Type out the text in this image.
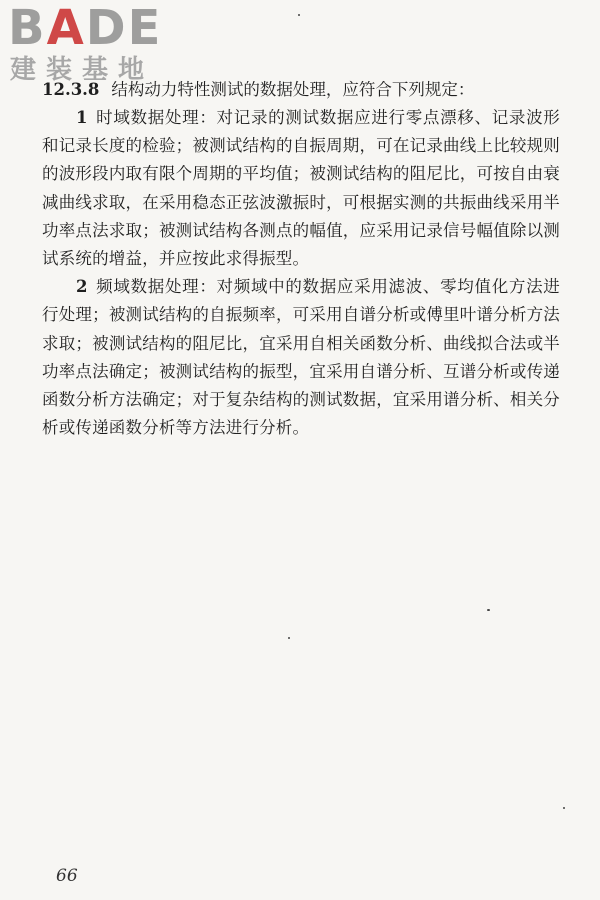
BADE
建装基地

12.3.8 结构动力特性测试的数据处理，应符合下列规定：

1 时域数据处理：对记录的测试数据应进行零点漂移、记录波形和记录长度的检验；被测试结构的自振周期，可在记录曲线上比较规则的波形段内取有限个周期的平均值；被测试结构的阻尼比，可按自由衰减曲线求取，在采用稳态正弦波激振时，可根据实测的共振曲线采用半功率点法求取；被测试结构各测点的幅值，应采用记录信号幅值除以测试系统的增益，并应按此求得振型。

2 频域数据处理：对频域中的数据应采用滤波、零均值化方法进行处理；被测试结构的自振频率，可采用自谱分析或傅里叶谱分析方法求取；被测试结构的阻尼比，宜采用自相关函数分析、曲线拟合法或半功率点法确定；被测试结构的振型，宜采用自谱分析、互谱分析或传递函数分析方法确定；对于复杂结构的测试数据，宜采用谱分析、相关分析或传递函数分析等方法进行分析。

66
